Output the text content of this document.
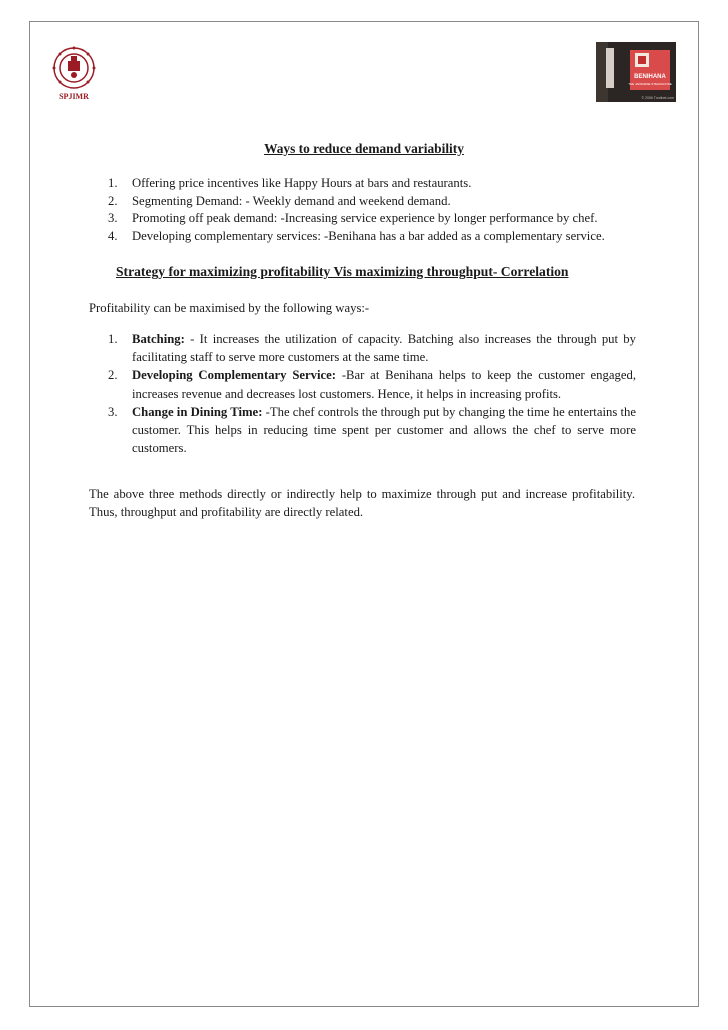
SPJIMR
BENIHANA
THE JAPANESE STEAKHOUSE
© 2006 Trodinet.com
Ways to reduce demand variability
1. Offering price incentives like Happy Hours at bars and restaurants.
2. Segmenting Demand: - Weekly demand and weekend demand.
3. Promoting off peak demand: -Increasing service experience by longer performance by chef.
4. Developing complementary services: -Benihana has a bar added as a complementary service.
Strategy for maximizing profitability Vis maximizing throughput- Correlation
Profitability can be maximised by the following ways:-
1. Batching: - It increases the utilization of capacity. Batching also increases the through put by facilitating staff to serve more customers at the same time.
2. Developing Complementary Service: -Bar at Benihana helps to keep the customer engaged, increases revenue and decreases lost customers. Hence, it helps in increasing profits.
3. Change in Dining Time: -The chef controls the through put by changing the time he entertains the customer. This helps in reducing time spent per customer and allows the chef to serve more customers.
The above three methods directly or indirectly help to maximize through put and increase profitability. Thus, throughput and profitability are directly related.
